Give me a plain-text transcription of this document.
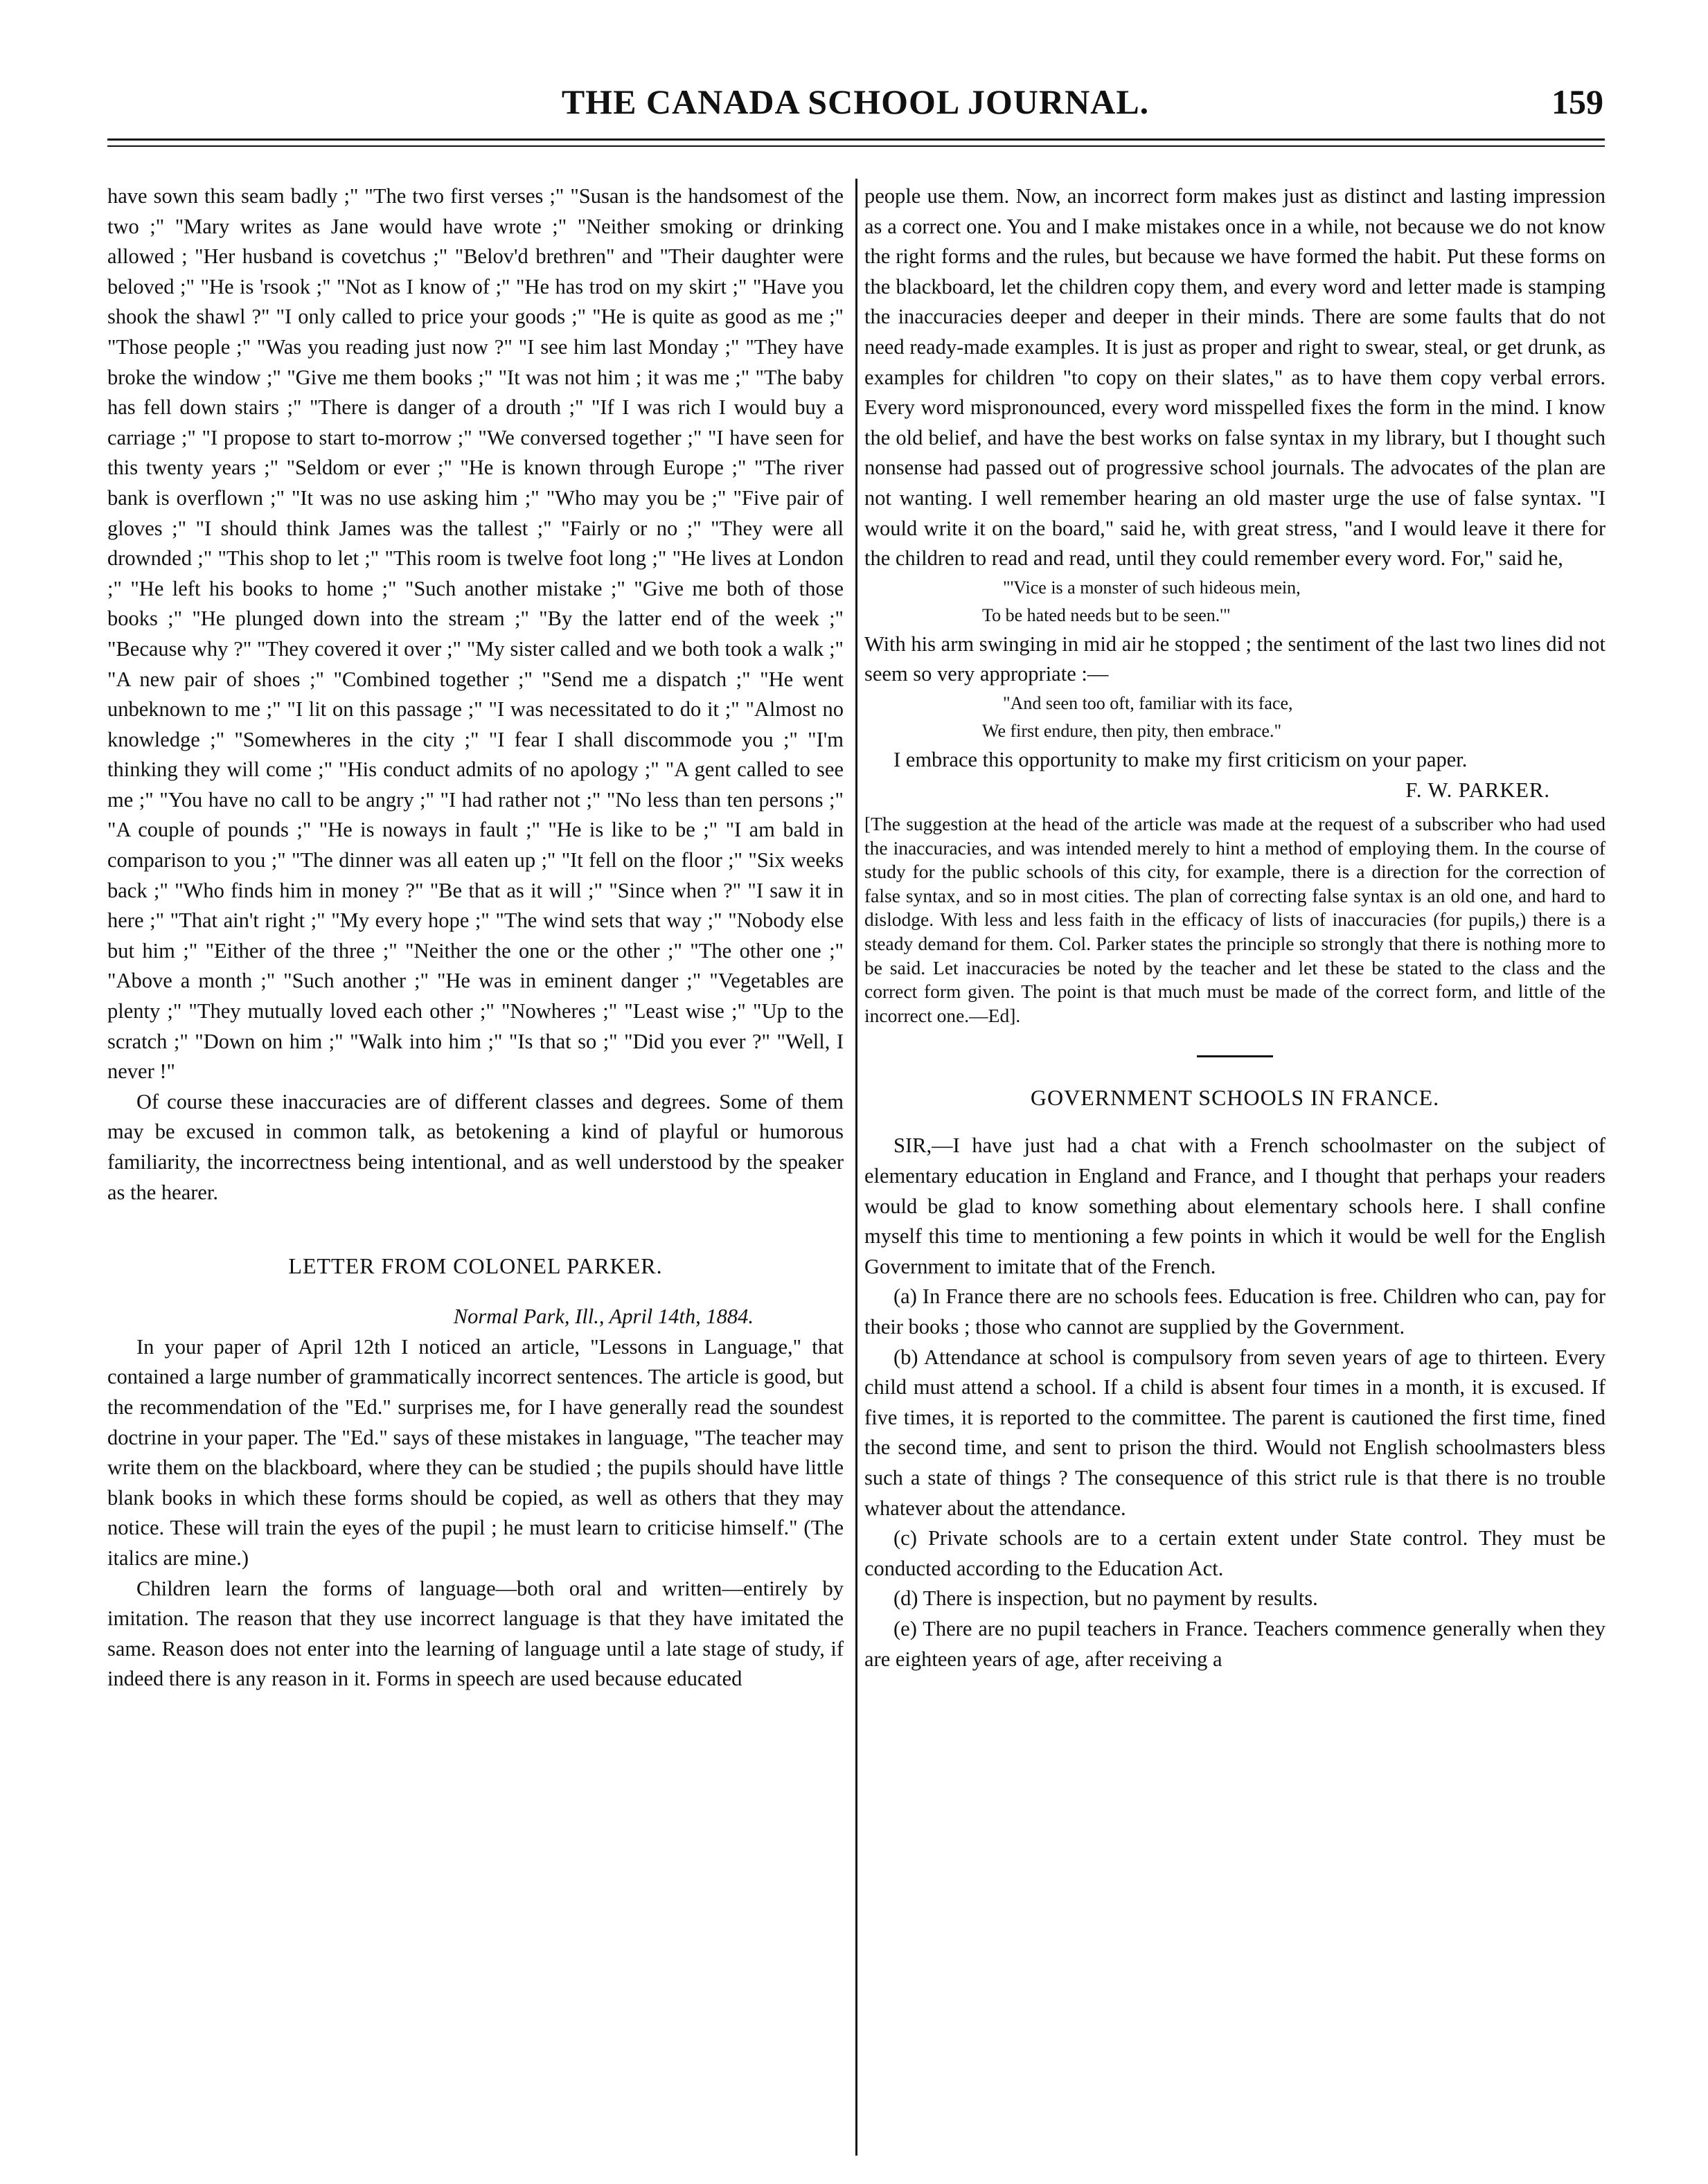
THE CANADA SCHOOL JOURNAL.	159

have sown this seam badly ;" "The two first verses ;" "Susan is the handsomest of the two ;" "Mary writes as Jane would have wrote ;" "Neither smoking or drinking allowed ; "Her husband is covetchus ;" "Belov'd brethren" and "Their daughter were beloved ;" "He is 'rsook ;" "Not as I know of ;" "He has trod on my skirt ;" "Have you shook the shawl ?" "I only called to price your goods ;" "He is quite as good as me ;" "Those people ;" "Was you reading just now ?" "I see him last Monday ;" "They have broke the window ;" "Give me them books ;" "It was not him ; it was me ;" "The baby has fell down stairs ;" "There is danger of a drouth ;" "If I was rich I would buy a carriage ;" "I propose to start to-morrow ;" "We conversed together ;" "I have seen for this twenty years ;" "Seldom or ever ;" "He is known through Europe ;" "The river bank is overflown ;" "It was no use asking him ;" "Who may you be ;" "Five pair of gloves ;" "I should think James was the tallest ;" "Fairly or no ;" "They were all drownded ;" "This shop to let ;" "This room is twelve foot long ;" "He lives at London ;" "He left his books to home ;" "Such another mistake ;" "Give me both of those books ;" "He plunged down into the stream ;" "By the latter end of the week ;" "Because why ?" "They covered it over ;" "My sister called and we both took a walk ;" "A new pair of shoes ;" "Combined together ;" "Send me a dispatch ;" "He went unbeknown to me ;" "I lit on this passage ;" "I was necessitated to do it ;" "Almost no knowledge ;" "Somewheres in the city ;" "I fear I shall discommode you ;" "I'm thinking they will come ;" "His conduct admits of no apology ;" "A gent called to see me ;" "You have no call to be angry ;" "I had rather not ;" "No less than ten persons ;" "A couple of pounds ;" "He is noways in fault ;" "He is like to be ;" "I am bald in comparison to you ;" "The dinner was all eaten up ;" "It fell on the floor ;" "Six weeks back ;" "Who finds him in money ?" "Be that as it will ;" "Since when ?" "I saw it in here ;" "That ain't right ;" "My every hope ;" "The wind sets that way ;" "Nobody else but him ;" "Either of the three ;" "Neither the one or the other ;" "The other one ;" "Above a month ;" "Such another ;" "He was in eminent danger ;" "Vegetables are plenty ;" "They mutually loved each other ;" "Nowheres ;" "Least wise ;" "Up to the scratch ;" "Down on him ;" "Walk into him ;" "Is that so ;" "Did you ever ?" "Well, I never !"

Of course these inaccuracies are of different classes and degrees. Some of them may be excused in common talk, as betokening a kind of playful or humorous familiarity, the incorrectness being intentional, and as well understood by the speaker as the hearer.

LETTER FROM COLONEL PARKER.

Normal Park, Ill., April 14th, 1884.

In your paper of April 12th I noticed an article, "Lessons in Language," that contained a large number of grammatically incorrect sentences. The article is good, but the recommendation of the "Ed." surprises me, for I have generally read the soundest doctrine in your paper. The "Ed." says of these mistakes in language, "The teacher may write them on the blackboard, where they can be studied ; the pupils should have little blank books in which these forms should be copied, as well as others that they may notice. These will train the eyes of the pupil ; he must learn to criticise himself." (The italics are mine.)

Children learn the forms of language—both oral and written—entirely by imitation. The reason that they use incorrect language is that they have imitated the same. Reason does not enter into the learning of language until a late stage of study, if indeed there is any reason in it. Forms in speech are used because educated

people use them. Now, an incorrect form makes just as distinct and lasting impression as a correct one. You and I make mistakes once in a while, not because we do not know the right forms and the rules, but because we have formed the habit. Put these forms on the blackboard, let the children copy them, and every word and letter made is stamping the inaccuracies deeper and deeper in their minds. There are some faults that do not need ready-made examples. It is just as proper and right to swear, steal, or get drunk, as examples for children "to copy on their slates," as to have them copy verbal errors. Every word mispronounced, every word misspelled fixes the form in the mind. I know the old belief, and have the best works on false syntax in my library, but I thought such nonsense had passed out of progressive school journals. The advocates of the plan are not wanting. I well remember hearing an old master urge the use of false syntax. "I would write it on the board," said he, with great stress, "and I would leave it there for the children to read and read, until they could remember every word. For," said he,

"'Vice is a monster of such hideous mein,

To be hated needs but to be seen.'"

With his arm swinging in mid air he stopped ; the sentiment of the last two lines did not seem so very appropriate :—

"And seen too oft, familiar with its face,

We first endure, then pity, then embrace."

I embrace this opportunity to make my first criticism on your paper.

F. W. PARKER.

[The suggestion at the head of the article was made at the request of a subscriber who had used the inaccuracies, and was intended merely to hint a method of employing them. In the course of study for the public schools of this city, for example, there is a direction for the correction of false syntax, and so in most cities. The plan of correcting false syntax is an old one, and hard to dislodge. With less and less faith in the efficacy of lists of inaccuracies (for pupils,) there is a steady demand for them. Col. Parker states the principle so strongly that there is nothing more to be said. Let inaccuracies be noted by the teacher and let these be stated to the class and the correct form given. The point is that much must be made of the correct form, and little of the incorrect one.—Ed].

GOVERNMENT SCHOOLS IN FRANCE.

SIR,—I have just had a chat with a French schoolmaster on the subject of elementary education in England and France, and I thought that perhaps your readers would be glad to know something about elementary schools here. I shall confine myself this time to mentioning a few points in which it would be well for the English Government to imitate that of the French.

(a) In France there are no schools fees. Education is free. Children who can, pay for their books ; those who cannot are supplied by the Government.

(b) Attendance at school is compulsory from seven years of age to thirteen. Every child must attend a school. If a child is absent four times in a month, it is excused. If five times, it is reported to the committee. The parent is cautioned the first time, fined the second time, and sent to prison the third. Would not English schoolmasters bless such a state of things ? The consequence of this strict rule is that there is no trouble whatever about the attendance.

(c) Private schools are to a certain extent under State control. They must be conducted according to the Education Act.

(d) There is inspection, but no payment by results.

(e) There are no pupil teachers in France. Teachers commence generally when they are eighteen years of age, after receiving a
